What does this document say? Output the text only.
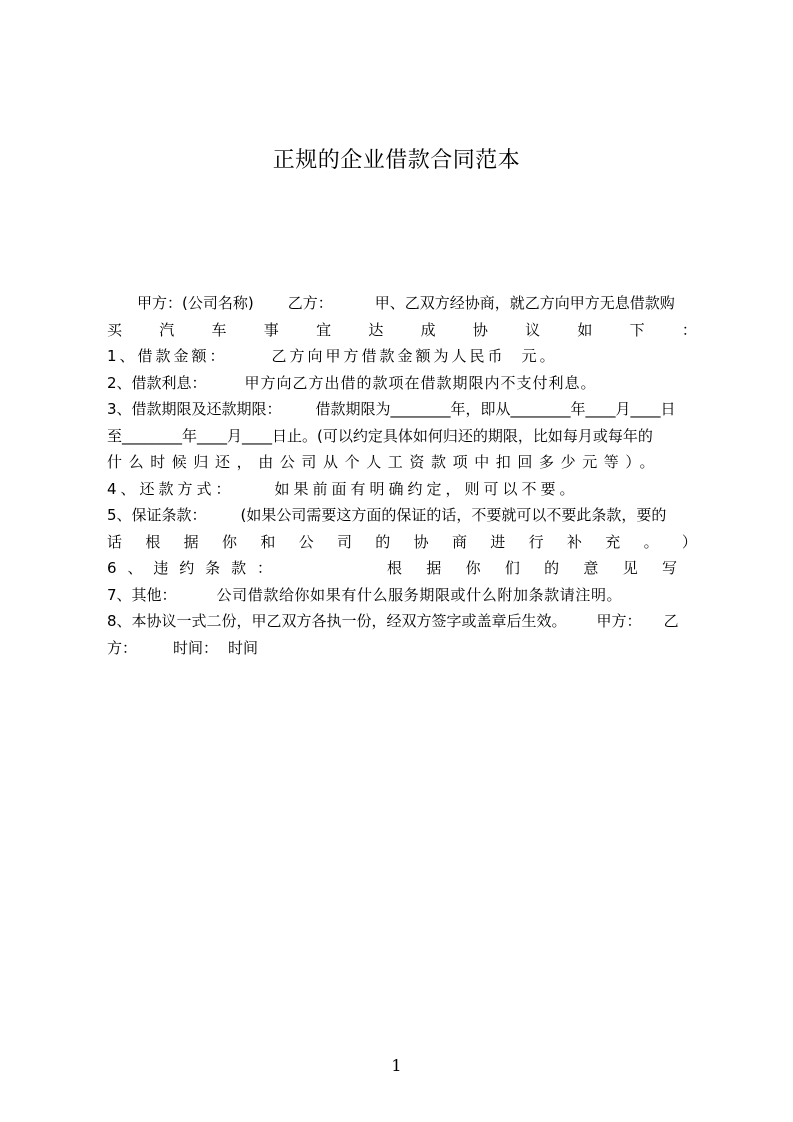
正规的企业借款合同范本
　　甲方：(公司名称) 乙方：	甲、乙双方经协商，就乙方向甲方无息借款购
买 汽 车 事 宜 达 成 协 议 如 下 ：
1、借款金额：	乙方向甲方借款金额为人民币 元。
2、借款利息：	甲方向乙方出借的款项在借款期限内不支付利息。
3、借款期限及还款期限： 借款期限为________年，即从________年____月____日
至________年____月____日止。(可以约定具体如何归还的期限，比如每月或每年的
什么时候归还，由公司从个人工资款项中扣回多少元等）。
4、还款方式：	如果前面有明确约定，则可以不要。
5、保证条款： (如果公司需要这方面的保证的话，不要就可以不要此条款，要的
话 根 据 你 和 公 司 的 协 商 进 行 补 充 。 ）
6 、 违 约 条 款 ：	根 据 你 们 的 意 见 写
7、其他：	公司借款给你如果有什么服务期限或什么附加条款请注明。
8、本协议一式二份，甲乙双方各执一份，经双方签字或盖章后生效。 甲方： 乙
方： 时间： 时间
1
